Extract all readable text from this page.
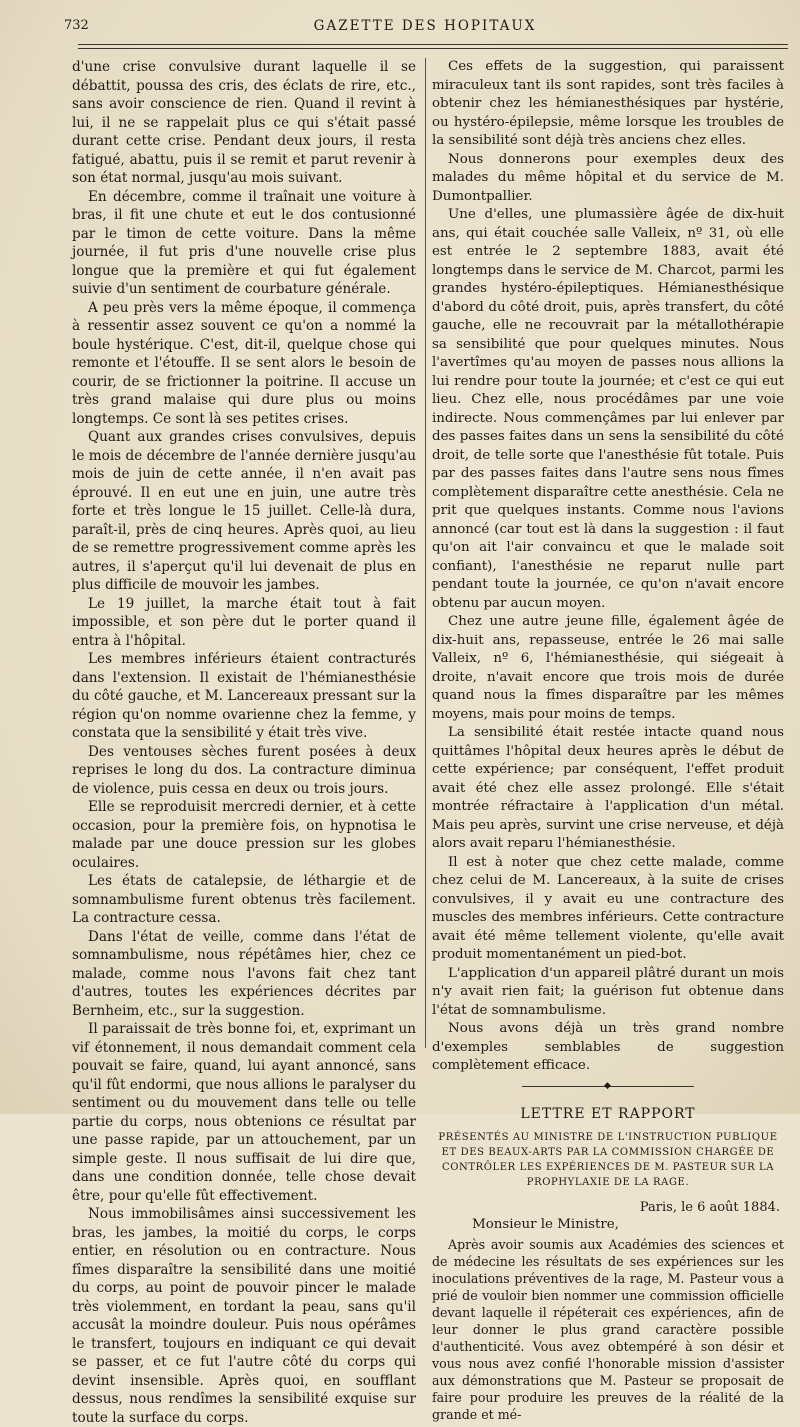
732	GAZETTE DES HOPITAUX

d'une crise convulsive durant laquelle il se débattit, poussa des cris, des éclats de rire, etc., sans avoir conscience de rien. Quand il revint à lui, il ne se rappelait plus ce qui s'était passé durant cette crise. Pendant deux jours, il resta fatigué, abattu, puis il se remit et parut revenir à son état normal, jusqu'au mois suivant.

En décembre, comme il traînait une voiture à bras, il fit une chute et eut le dos contusionné par le timon de cette voiture. Dans la même journée, il fut pris d'une nouvelle crise plus longue que la première et qui fut également suivie d'un sentiment de courbature générale.

A peu près vers la même époque, il commença à ressentir assez souvent ce qu'on a nommé la boule hystérique. C'est, dit-il, quelque chose qui remonte et l'étouffe. Il se sent alors le besoin de courir, de se frictionner la poitrine. Il accuse un très grand malaise qui dure plus ou moins longtemps. Ce sont là ses petites crises.

Quant aux grandes crises convulsives, depuis le mois de décembre de l'année dernière jusqu'au mois de juin de cette année, il n'en avait pas éprouvé. Il en eut une en juin, une autre très forte et très longue le 15 juillet. Celle-là dura, paraît-il, près de cinq heures. Après quoi, au lieu de se remettre progressivement comme après les autres, il s'aperçut qu'il lui devenait de plus en plus difficile de mouvoir les jambes.

Le 19 juillet, la marche était tout à fait impossible, et son père dut le porter quand il entra à l'hôpital.

Les membres inférieurs étaient contracturés dans l'extension. Il existait de l'hémianesthésie du côté gauche, et M. Lancereaux pressant sur la région qu'on nomme ovarienne chez la femme, y constata que la sensibilité y était très vive.

Des ventouses sèches furent posées à deux reprises le long du dos. La contracture diminua de violence, puis cessa en deux ou trois jours.

Elle se reproduisit mercredi dernier, et à cette occasion, pour la première fois, on hypnotisa le malade par une douce pression sur les globes oculaires.

Les états de catalepsie, de léthargie et de somnambulisme furent obtenus très facilement. La contracture cessa.

Dans l'état de veille, comme dans l'état de somnambulisme, nous répétâmes hier, chez ce malade, comme nous l'avons fait chez tant d'autres, toutes les expériences décrites par Bernheim, etc., sur la suggestion.

Il paraissait de très bonne foi, et, exprimant un vif étonnement, il nous demandait comment cela pouvait se faire, quand, lui ayant annoncé, sans qu'il fût endormi, que nous allions le paralyser du sentiment ou du mouvement dans telle ou telle partie du corps, nous obtenions ce résultat par une passe rapide, par un attouchement, par un simple geste. Il nous suffisait de lui dire que, dans une condition donnée, telle chose devait être, pour qu'elle fût effectivement.

Nous immobilisâmes ainsi successivement les bras, les jambes, la moitié du corps, le corps entier, en résolution ou en contracture. Nous fîmes disparaître la sensibilité dans une moitié du corps, au point de pouvoir pincer le malade très violemment, en tordant la peau, sans qu'il accusât la moindre douleur. Puis nous opérâmes le transfert, toujours en indiquant ce qui devait se passer, et ce fut l'autre côté du corps qui devint insensible. Après quoi, en soufflant dessus, nous rendîmes la sensibilité exquise sur toute la surface du corps.

Ces effets de la suggestion, qui paraissent miraculeux tant ils sont rapides, sont très faciles à obtenir chez les hémianesthésiques par hystérie, ou hystéro-épilepsie, même lorsque les troubles de la sensibilité sont déjà très anciens chez elles.

Nous donnerons pour exemples deux des malades du même hôpital et du service de M. Dumontpallier.

Une d'elles, une plumassière âgée de dix-huit ans, qui était couchée salle Valleix, nº 31, où elle est entrée le 2 septembre 1883, avait été longtemps dans le service de M. Charcot, parmi les grandes hystéro-épileptiques. Hémianesthésique d'abord du côté droit, puis, après transfert, du côté gauche, elle ne recouvrait par la métallothérapie sa sensibilité que pour quelques minutes. Nous l'avertîmes qu'au moyen de passes nous allions la lui rendre pour toute la journée; et c'est ce qui eut lieu. Chez elle, nous procédâmes par une voie indirecte. Nous commençâmes par lui enlever par des passes faites dans un sens la sensibilité du côté droit, de telle sorte que l'anesthésie fût totale. Puis par des passes faites dans l'autre sens nous fîmes complètement disparaître cette anesthésie. Cela ne prit que quelques instants. Comme nous l'avions annoncé (car tout est là dans la suggestion : il faut qu'on ait l'air convaincu et que le malade soit confiant), l'anesthésie ne reparut nulle part pendant toute la journée, ce qu'on n'avait encore obtenu par aucun moyen.

Chez une autre jeune fille, également âgée de dix-huit ans, repasseuse, entrée le 26 mai salle Valleix, nº 6, l'hémianesthésie, qui siégeait à droite, n'avait encore que trois mois de durée quand nous la fîmes disparaître par les mêmes moyens, mais pour moins de temps.

La sensibilité était restée intacte quand nous quittâmes l'hôpital deux heures après le début de cette expérience; par conséquent, l'effet produit avait été chez elle assez prolongé. Elle s'était montrée réfractaire à l'application d'un métal. Mais peu après, survint une crise nerveuse, et déjà alors avait reparu l'hémianesthésie.

Il est à noter que chez cette malade, comme chez celui de M. Lancereaux, à la suite de crises convulsives, il y avait eu une contracture des muscles des membres inférieurs. Cette contracture avait été même tellement violente, qu'elle avait produit momentanément un pied-bot.

L'application d'un appareil plâtré durant un mois n'y avait rien fait; la guérison fut obtenue dans l'état de somnambulisme.

Nous avons déjà un très grand nombre d'exemples semblables de suggestion complètement efficace.

◆
LETTRE ET RAPPORT
PRÉSENTÉS AU MINISTRE DE L'INSTRUCTION PUBLIQUE ET DES BEAUX-ARTS PAR LA COMMISSION CHARGÉE DE CONTRÔLER LES EXPÉRIENCES DE M. PASTEUR SUR LA PROPHYLAXIE DE LA RAGE.
Paris, le 6 août 1884.
Monsieur le Ministre,

Après avoir soumis aux Académies des sciences et de médecine les résultats de ses expériences sur les inoculations préventives de la rage, M. Pasteur vous a prié de vouloir bien nommer une commission officielle devant laquelle il répéterait ces expériences, afin de leur donner le plus grand caractère possible d'authenticité. Vous avez obtempéré à son désir et vous nous avez confié l'honorable mission d'assister aux démonstrations que M. Pasteur se proposait de faire pour produire les preuves de la réalité de la grande et mé-
